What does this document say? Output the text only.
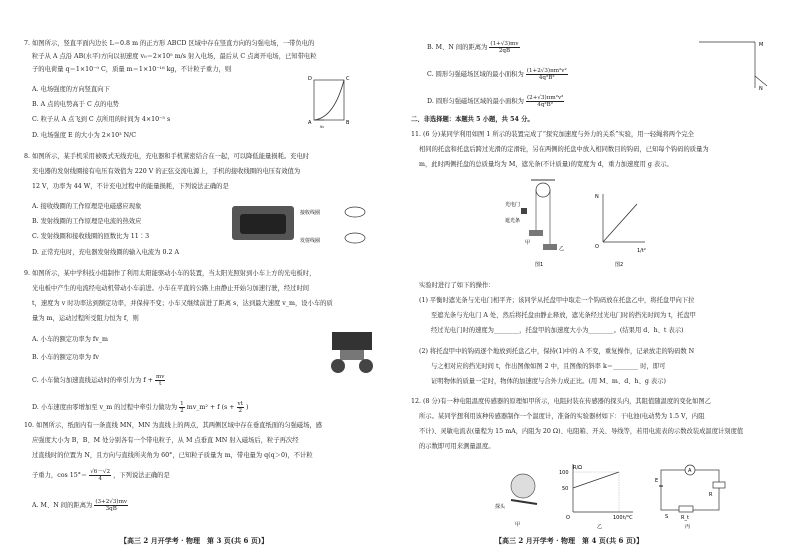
7. 如图所示，竖直平面内边长 L＝0.8 m 的正方形 ABCD 区域中存在竖直方向的匀强电场，一带负电的
粒子从 A 点沿 AB(水平)方向以初速度 v₀＝2×10⁵ m/s 射入电场，最后从 C 点离开电场，已知带电粒
子的电荷量 q＝1×10⁻⁹ C，质量 m＝1×10⁻¹⁶ kg，不计粒子重力，则
A. 电场强度的方向竖直向下
B. A 点的电势高于 C 点的电势
C. 粒子从 A 点飞到 C 点所用的时间为 4×10⁻⁵ s
D. 电场强度 E 的大小为 2×10³ N/C
A	B
C
D
v₀
8. 如图所示，某手机采用被吸式无线充电，充电器和手机紧密结合在一起，可以降低能量损耗。充电时
充电器的发射线圈接有电压有效值为 220 V 的正弦交流电源上，手机的接收线圈的电压有效值为
12 V，功率为 44 W，不计充电过程中的能量损耗，下列说法正确的是
A. 接收线圈的工作原理是电磁感应现象
B. 发射线圈的工作原理是电流的热效应
C. 发射线圈和接收线圈的匝数比为 11∶3
D. 正常充电时，充电器发射线圈的输入电流为 0.2 A
接收线圈
发射线圈
9. 如图所示，某中学科技小组制作了利用太阳能驱动小车的装置，当太阳光照射到小车上方的光电板时，
光电板中产生的电流经电动机带动小车前进。小车在平直的公路上由静止开始匀加速行驶，经过时间
t，速度为 v 时功率达到额定功率，并保持不变；小车又继续前进了距离 s，达到最大速度 v_m，设小车的质
量为 m，运动过程所受阻力恒为 f，则
A. 小车的额定功率为 fv_m
B. 小车的额定功率为 fv
C. 小车做匀加速直线运动时的牵引力为 $f + \frac{mv}{t}$
D. 小车速度由零增加至 v_m 的过程中牵引力做功为 $\frac{1}{2}$ mv_m² + f ($s + \frac{vt}{2}$ )
10. 如图所示，纸面内有一条直线 MN，MN 为直线上的两点，其两侧区域中存在垂直纸面的匀强磁场，感
应强度大小为 B，B、M 处分别各有一个带电粒子，从 M 点垂直 MN 射入磁场后，粒子再次经
过直线时的位置为 N，且方向与直线所夹角为 60°，已知粒子质量为 m，带电量为 q(q＞0)，不计粒
子重力，$\cos 15^\circ= \frac{√6-√2}{4}$ ，下列说法正确的是
A. M、N 间的距离为 $\frac{(3+2√3)mv}{3qB}$
【高三 2 月开学考 · 物理　第 3 页(共 6 页)】
B. M、N 间的距离为 $\frac{(1+√3)mv}{2qB}$
C. 圆形匀强磁场区域的最小面积为 $\frac{\text{(1+2√3)πm²v²}}{\text{4q²B²}}$
D. 圆形匀强磁场区域的最小面积为 $\frac{\text{(2+√3)πm²v²}}{\text{4q²B²}}$
M
N
二、非选择题：本题共 5 小题，共 54 分。
11. (6 分)某同学利用如图 1 所示的装置完成了“探究加速度与外力的关系”实验，用一轻绳将两个完全
相同的托盘和托盘后跨过光滑的定滑轮，另在两侧的托盘中放入相同数目的钩码，已知每个钩码的质量为
m，此时两侧托盘的总质量均为 M，遮光条(不计质量)的宽度为 d，重力加速度用 g 表示。
光电门
遮光条
甲
乙
图1
N
O
1/t²
图2
实验时进行了如下的操作：
(1) 平衡时遮光条与光电门相平齐；该同学从托盘甲中取走一个钩码放在托盘乙中，将托盘甲向下拉
至遮光条与光电门 A 处，然后将托盘由静止释放，遮光条经过光电门时的挡光时间为 t，托盘甲
经过光电门时的速度为________，托盘甲的加速度大小为________。(结果用 d、h、t 表示)
(2) 将托盘甲中的钩码逐个地放到托盘乙中，保持(1)中的 A 不变，重复操作，记录放走的钩码数 N
与之相对应的挡光时间 t，作出图像如图 2 中，且图像的斜率 k＝________ 时，即可
证明物体的质量一定时，物体的加速度与合外力成正比。(用 M、m、d、h、g 表示)
12. (8 分)有一种电阻温度传感器的原理如甲所示，电阻封装在传感器的探头内，其阻值随温度的变化如图乙
所示。某同学想利用该种传感器制作一个温度计，准备的实验器材如下：干电池(电动势为 1.5 V，内阻
不计)、灵敏电流表(量程为 15 mA，内阻为 20 Ω)、电阻箱、开关、导线等，若用电流表的示数改装成温度计刻度值
的示数即可用来测量温度。
探头
甲
R/Ω
100
50
O	100 t/°C
乙
A
R
R_t
E
S
丙
【高三 2 月开学考 · 物理　第 4 页(共 6 页)】
